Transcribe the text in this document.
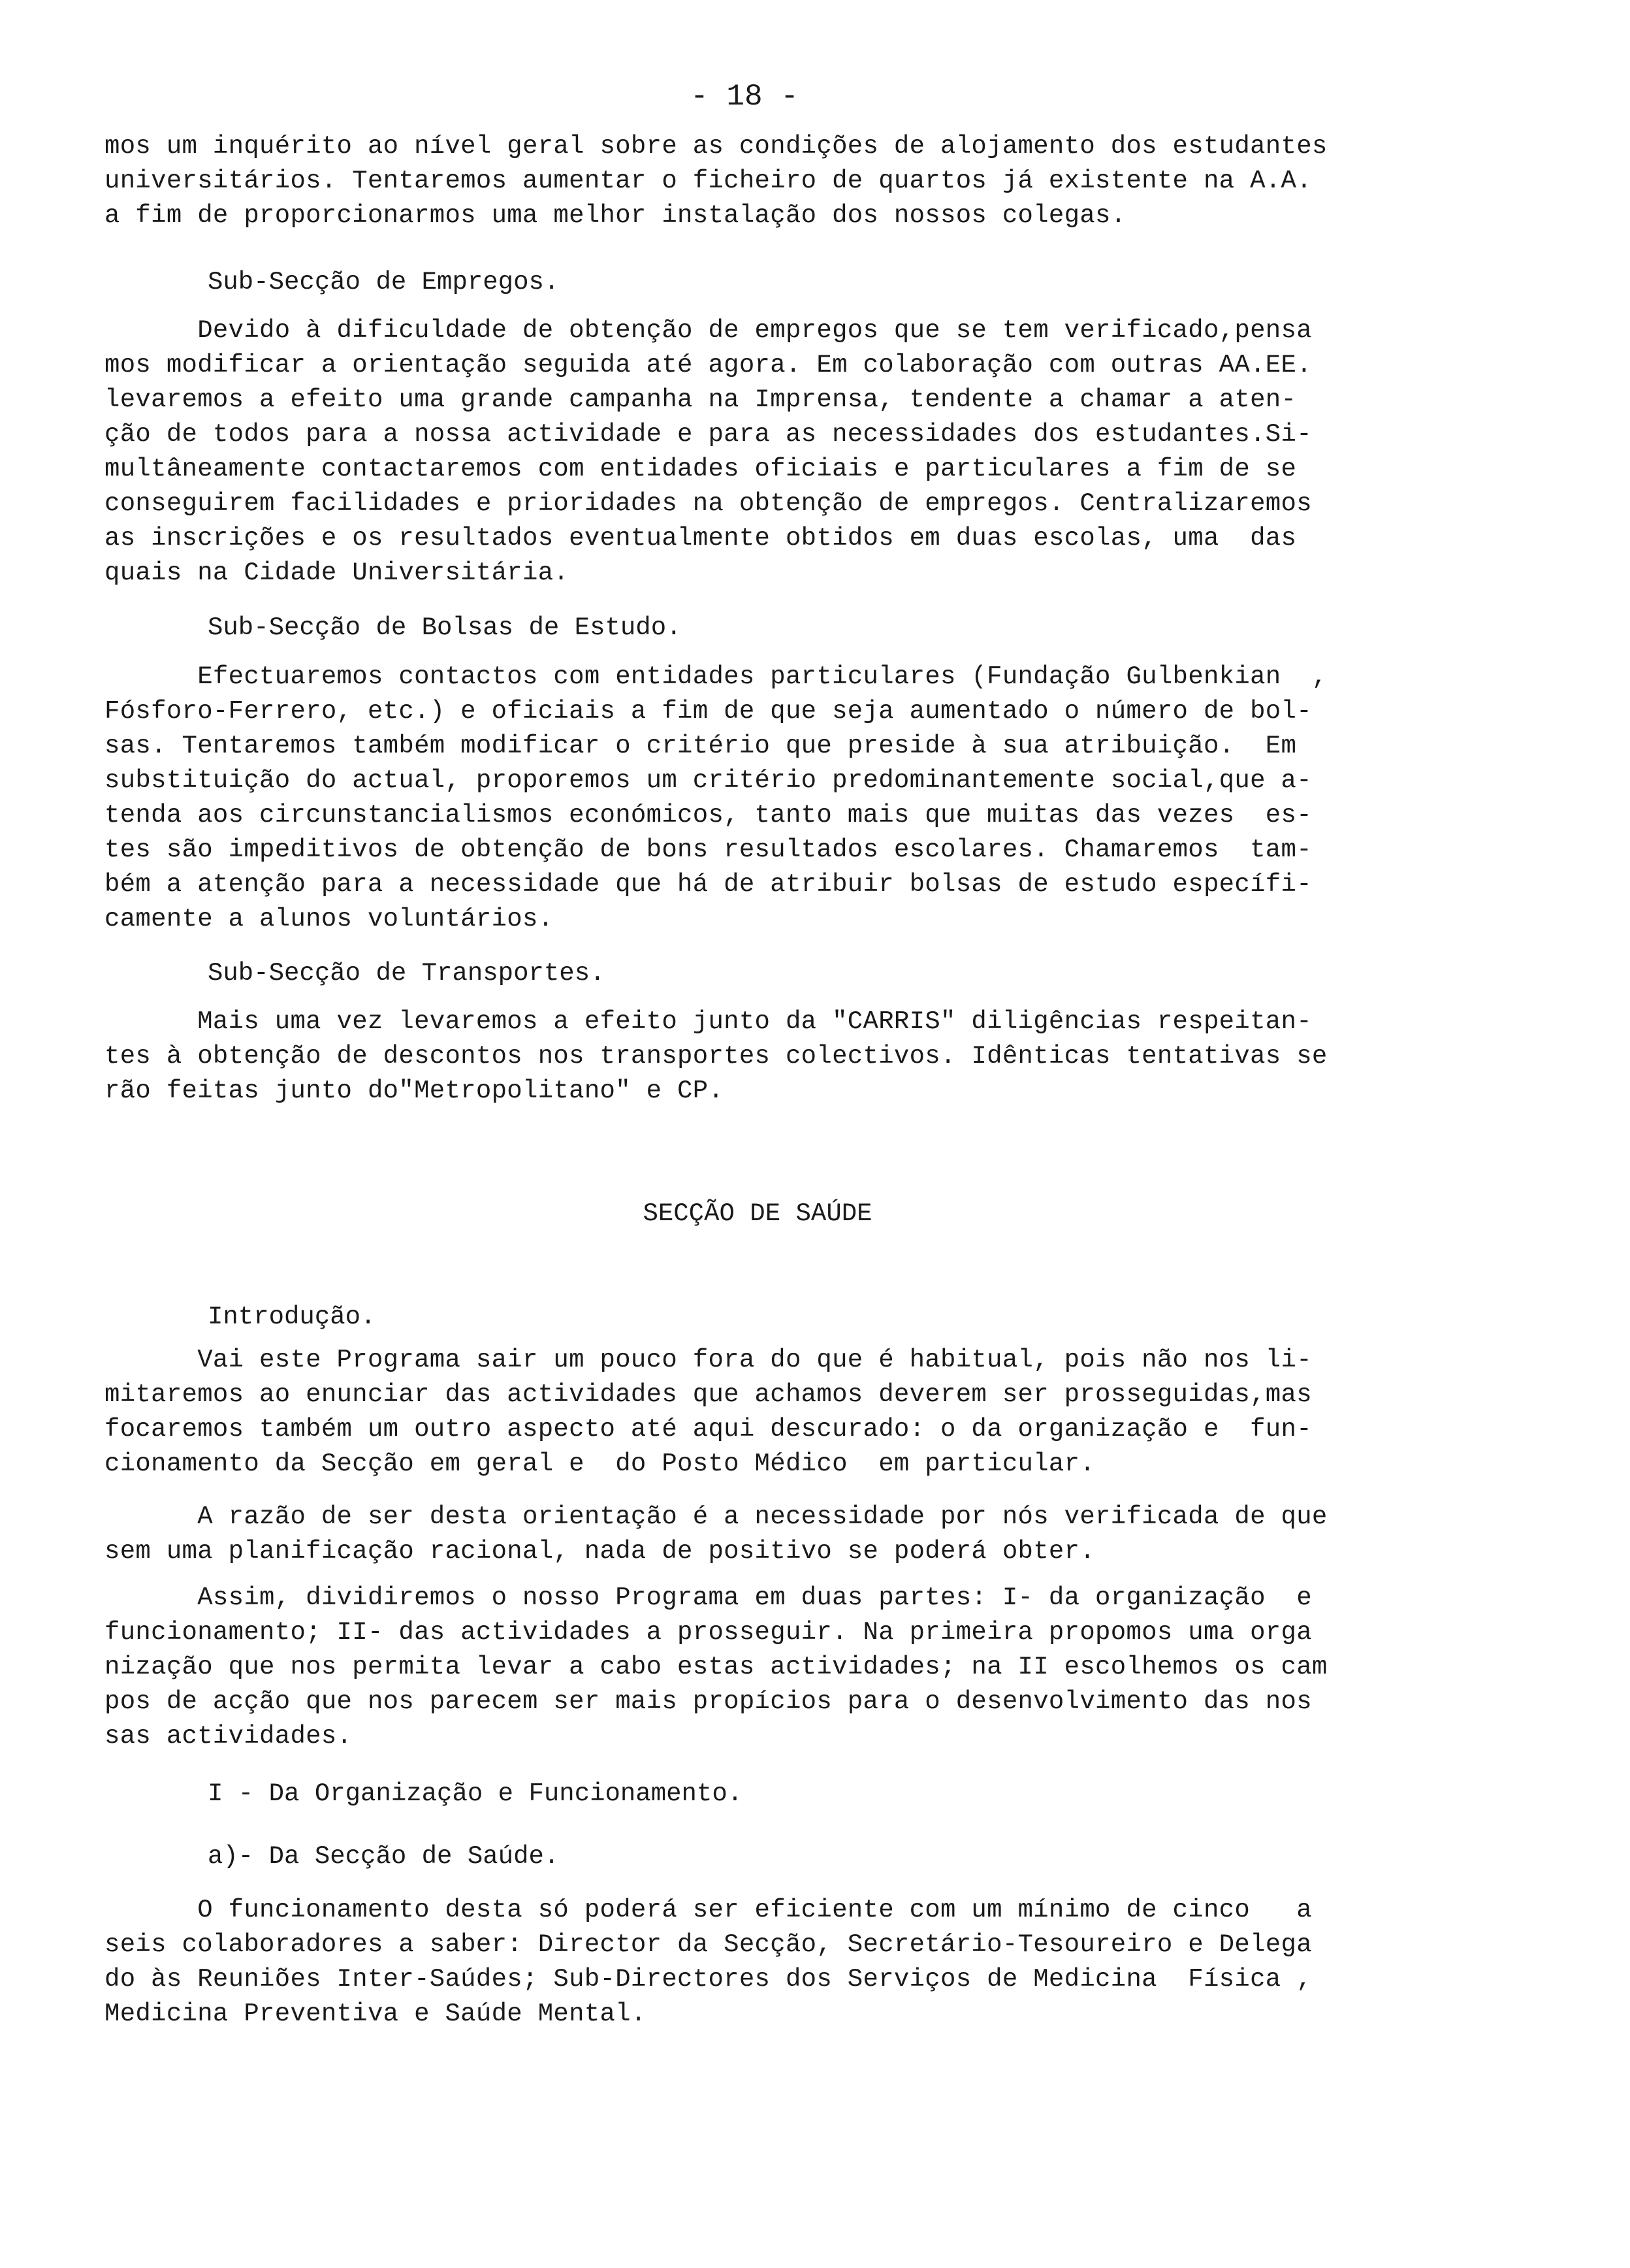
- 18 -
mos um inquérito ao nível geral sobre as condições de alojamento dos estudantes
universitários. Tentaremos aumentar o ficheiro de quartos já existente na A.A.
a fim de proporcionarmos uma melhor instalação dos nossos colegas.
Sub-Secção de Empregos.
Devido à dificuldade de obtenção de empregos que se tem verificado,pensa
mos modificar a orientação seguida até agora. Em colaboração com outras AA.EE.
levaremos a efeito uma grande campanha na Imprensa, tendente a chamar a aten-
ção de todos para a nossa actividade e para as necessidades dos estudantes.Si-
multâneamente contactaremos com entidades oficiais e particulares a fim de se
conseguirem facilidades e prioridades na obtenção de empregos. Centralizaremos
as inscrições e os resultados eventualmente obtidos em duas escolas, uma  das
quais na Cidade Universitária.
Sub-Secção de Bolsas de Estudo.
Efectuaremos contactos com entidades particulares (Fundação Gulbenkian  ,
Fósforo-Ferrero, etc.) e oficiais a fim de que seja aumentado o número de bol-
sas. Tentaremos também modificar o critério que preside à sua atribuição.  Em
substituição do actual, proporemos um critério predominantemente social,que a-
tenda aos circunstancialismos económicos, tanto mais que muitas das vezes  es-
tes são impeditivos de obtenção de bons resultados escolares. Chamaremos  tam-
bém a atenção para a necessidade que há de atribuir bolsas de estudo específi-
camente a alunos voluntários.
Sub-Secção de Transportes.
Mais uma vez levaremos a efeito junto da "CARRIS" diligências respeitan-
tes à obtenção de descontos nos transportes colectivos. Idênticas tentativas se
rão feitas junto do"Metropolitano" e CP.
SECÇÃO DE SAÚDE
Introdução.
Vai este Programa sair um pouco fora do que é habitual, pois não nos li-
mitaremos ao enunciar das actividades que achamos deverem ser prosseguidas,mas
focaremos também um outro aspecto até aqui descurado: o da organização e  fun-
cionamento da Secção em geral e  do Posto Médico  em particular.
A razão de ser desta orientação é a necessidade por nós verificada de que
sem uma planificação racional, nada de positivo se poderá obter.
Assim, dividiremos o nosso Programa em duas partes: I- da organização  e
funcionamento; II- das actividades a prosseguir. Na primeira propomos uma orga
nização que nos permita levar a cabo estas actividades; na II escolhemos os cam
pos de acção que nos parecem ser mais propícios para o desenvolvimento das nos
sas actividades.
I - Da Organização e Funcionamento.
a)- Da Secção de Saúde.
O funcionamento desta só poderá ser eficiente com um mínimo de cinco   a
seis colaboradores a saber: Director da Secção, Secretário-Tesoureiro e Delega
do às Reuniões Inter-Saúdes; Sub-Directores dos Serviços de Medicina  Física ,
Medicina Preventiva e Saúde Mental.
